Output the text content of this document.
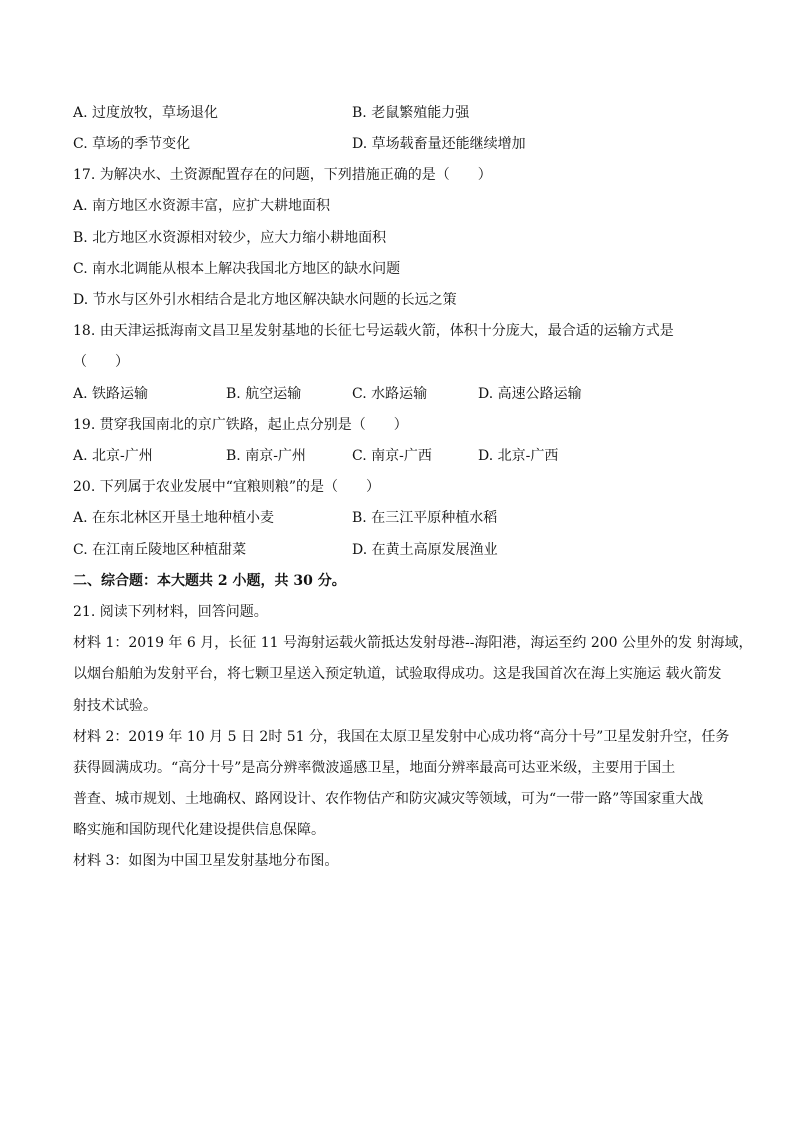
A. 过度放牧，草场退化	B. 老鼠繁殖能力强
C. 草场的季节变化	D. 草场载畜量还能继续增加
17. 为解决水、土资源配置存在的问题，下列措施正确的是（　　）
A. 南方地区水资源丰富，应扩大耕地面积
B. 北方地区水资源相对较少，应大力缩小耕地面积
C. 南水北调能从根本上解决我国北方地区的缺水问题
D. 节水与区外引水相结合是北方地区解决缺水问题的长远之策
18. 由天津运抵海南文昌卫星发射基地的长征七号运载火箭，体积十分庞大，最合适的运输方式是
（　　）
A. 铁路运输	B. 航空运输	C. 水路运输	D. 高速公路运输
19. 贯穿我国南北的京广铁路，起止点分别是（　　）
A. 北京-广州	B. 南京-广州	C. 南京-广西	D. 北京-广西
20. 下列属于农业发展中“宜粮则粮”的是（　　）
A. 在东北林区开垦土地种植小麦	B. 在三江平原种植水稻
C. 在江南丘陵地区种植甜菜	D. 在黄土高原发展渔业
二、综合题：本大题共 2 小题，共 30 分。
21. 阅读下列材料，回答问题。
材料 1：2019 年 6 月，长征 11 号海射运载火箭抵达发射母港--海阳港，海运至约 200 公里外的发 射海域，
以烟台船舶为发射平台，将七颗卫星送入预定轨道，试验取得成功。这是我国首次在海上实施运 载火箭发
射技术试验。
材料 2：2019 年 10 月 5 日 2时 51 分，我国在太原卫星发射中心成功将“高分十号”卫星发射升空，任务
获得圆满成功。“高分十号”是高分辨率微波遥感卫星，地面分辨率最高可达亚米级，主要用于国土
普查、城市规划、土地确权、路网设计、农作物估产和防灾减灾等领域，可为“一带一路”等国家重大战
略实施和国防现代化建设提供信息保障。
材料 3：如图为中国卫星发射基地分布图。
